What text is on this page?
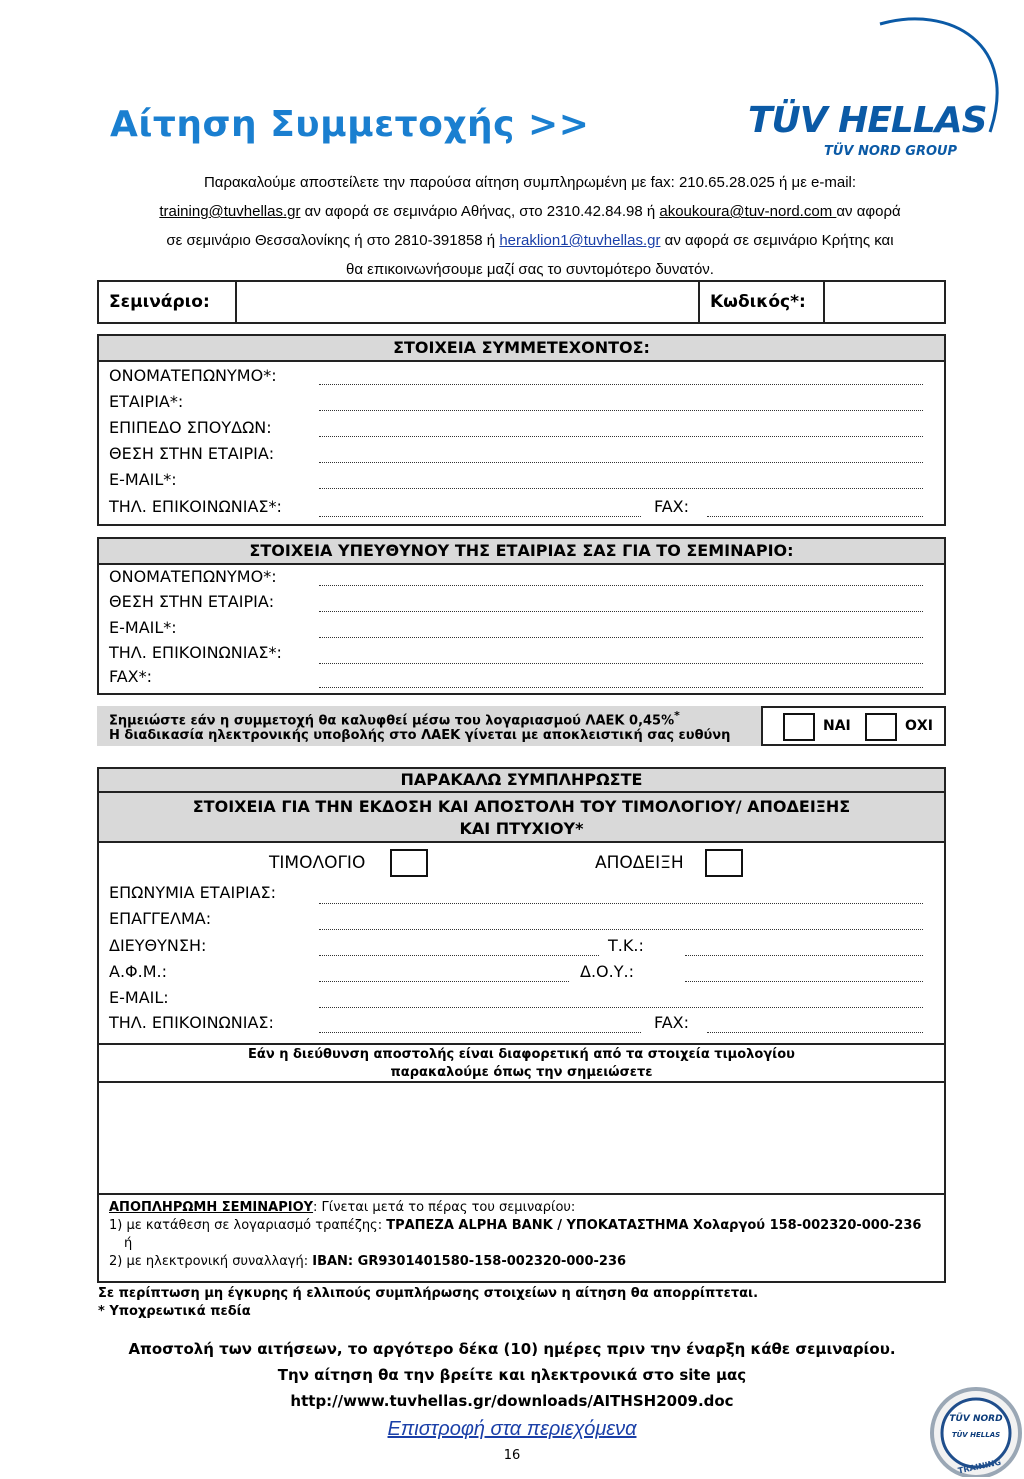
Αίτηση Συμμετοχής >>	TÜV HELLAS
TÜV NORD GROUP
Παρακαλούμε αποστείλετε την παρούσα αίτηση συμπληρωμένη με fax: 210.65.28.025 ή με e-mail:
training@tuvhellas.gr αν αφορά σε σεμινάριο Αθήνας, στο 2310.42.84.98 ή akoukoura@tuv-nord.com αν αφορά
σε σεμινάριο Θεσσαλονίκης ή στο 2810-391858 ή heraklion1@tuvhellas.gr αν αφορά σε σεμινάριο Κρήτης και
θα επικοινωνήσουμε μαζί σας το συντομότερο δυνατόν.
Σεμινάριο:	Κωδικός*:
ΣΤΟΙΧΕΙΑ ΣΥΜΜΕΤΕΧΟΝΤΟΣ:
ΟΝΟΜΑΤΕΠΩΝΥΜΟ*:
ΕΤΑΙΡΙΑ*:
ΕΠΙΠΕΔΟ ΣΠΟΥΔΩΝ:
ΘΕΣΗ ΣΤΗΝ ΕΤΑΙΡΙΑ:
E-MAIL*:
ΤΗΛ. ΕΠΙΚΟΙΝΩΝΙΑΣ*:	FAX:
ΣΤΟΙΧΕΙΑ ΥΠΕΥΘΥΝΟΥ ΤΗΣ ΕΤΑΙΡΙΑΣ ΣΑΣ ΓΙΑ ΤΟ ΣΕΜΙΝΑΡΙΟ:
ΟΝΟΜΑΤΕΠΩΝΥΜΟ*:
ΘΕΣΗ ΣΤΗΝ ΕΤΑΙΡΙΑ:
E-MAIL*:
ΤΗΛ. ΕΠΙΚΟΙΝΩΝΙΑΣ*:
FAX*:
Σημειώστε εάν η συμμετοχή θα καλυφθεί μέσω του λογαριασμού ΛΑΕΚ 0,45%*
Η διαδικασία ηλεκτρονικής υποβολής στο ΛΑΕΚ γίνεται με αποκλειστική σας ευθύνη
ΝΑΙ	ΟΧΙ
ΠΑΡΑΚΑΛΩ ΣΥΜΠΛΗΡΩΣΤΕ
ΣΤΟΙΧΕΙΑ ΓΙΑ ΤΗΝ ΕΚΔΟΣΗ ΚΑΙ ΑΠΟΣΤΟΛΗ ΤΟΥ ΤΙΜΟΛΟΓΙΟΥ/ ΑΠΟΔΕΙΞΗΣ
ΚΑΙ ΠΤΥΧΙΟΥ*
ΤΙΜΟΛΟΓΙΟ	ΑΠΟΔΕΙΞΗ
ΕΠΩΝΥΜΙΑ ΕΤΑΙΡΙΑΣ:
ΕΠΑΓΓΕΛΜΑ:
ΔΙΕΥΘΥΝΣΗ:	Τ.Κ.:
Α.Φ.Μ.:	Δ.Ο.Υ.:
E-MAIL:
ΤΗΛ. ΕΠΙΚΟΙΝΩΝΙΑΣ:	FAX:
Εάν η διεύθυνση αποστολής είναι διαφορετική από τα στοιχεία τιμολογίου
παρακαλούμε όπως την σημειώσετε
ΑΠΟΠΛΗΡΩΜΗ ΣΕΜΙΝΑΡΙΟΥ: Γίνεται μετά το πέρας του σεμιναρίου:
1) με κατάθεση σε λογαριασμό τραπέζης: ΤΡΑΠΕΖΑ ALPHA BANK / ΥΠΟΚΑΤΑΣΤΗΜΑ Χολαργού 158-002320-000-236
ή
2) με ηλεκτρονική συναλλαγή: IBAN: GR9301401580-158-002320-000-236
Σε περίπτωση μη έγκυρης ή ελλιπούς συμπλήρωσης στοιχείων η αίτηση θα απορρίπτεται.
* Υποχρεωτικά πεδία
Αποστολή των αιτήσεων, το αργότερο δέκα (10) ημέρες πριν την έναρξη κάθε σεμιναρίου.
Την αίτηση θα την βρείτε και ηλεκτρονικά στο site μας
http://www.tuvhellas.gr/downloads/AITHSH2009.doc
Επιστροφή στα περιεχόμενα
16
TÜV NORD
TÜV HELLAS
TRAINING
